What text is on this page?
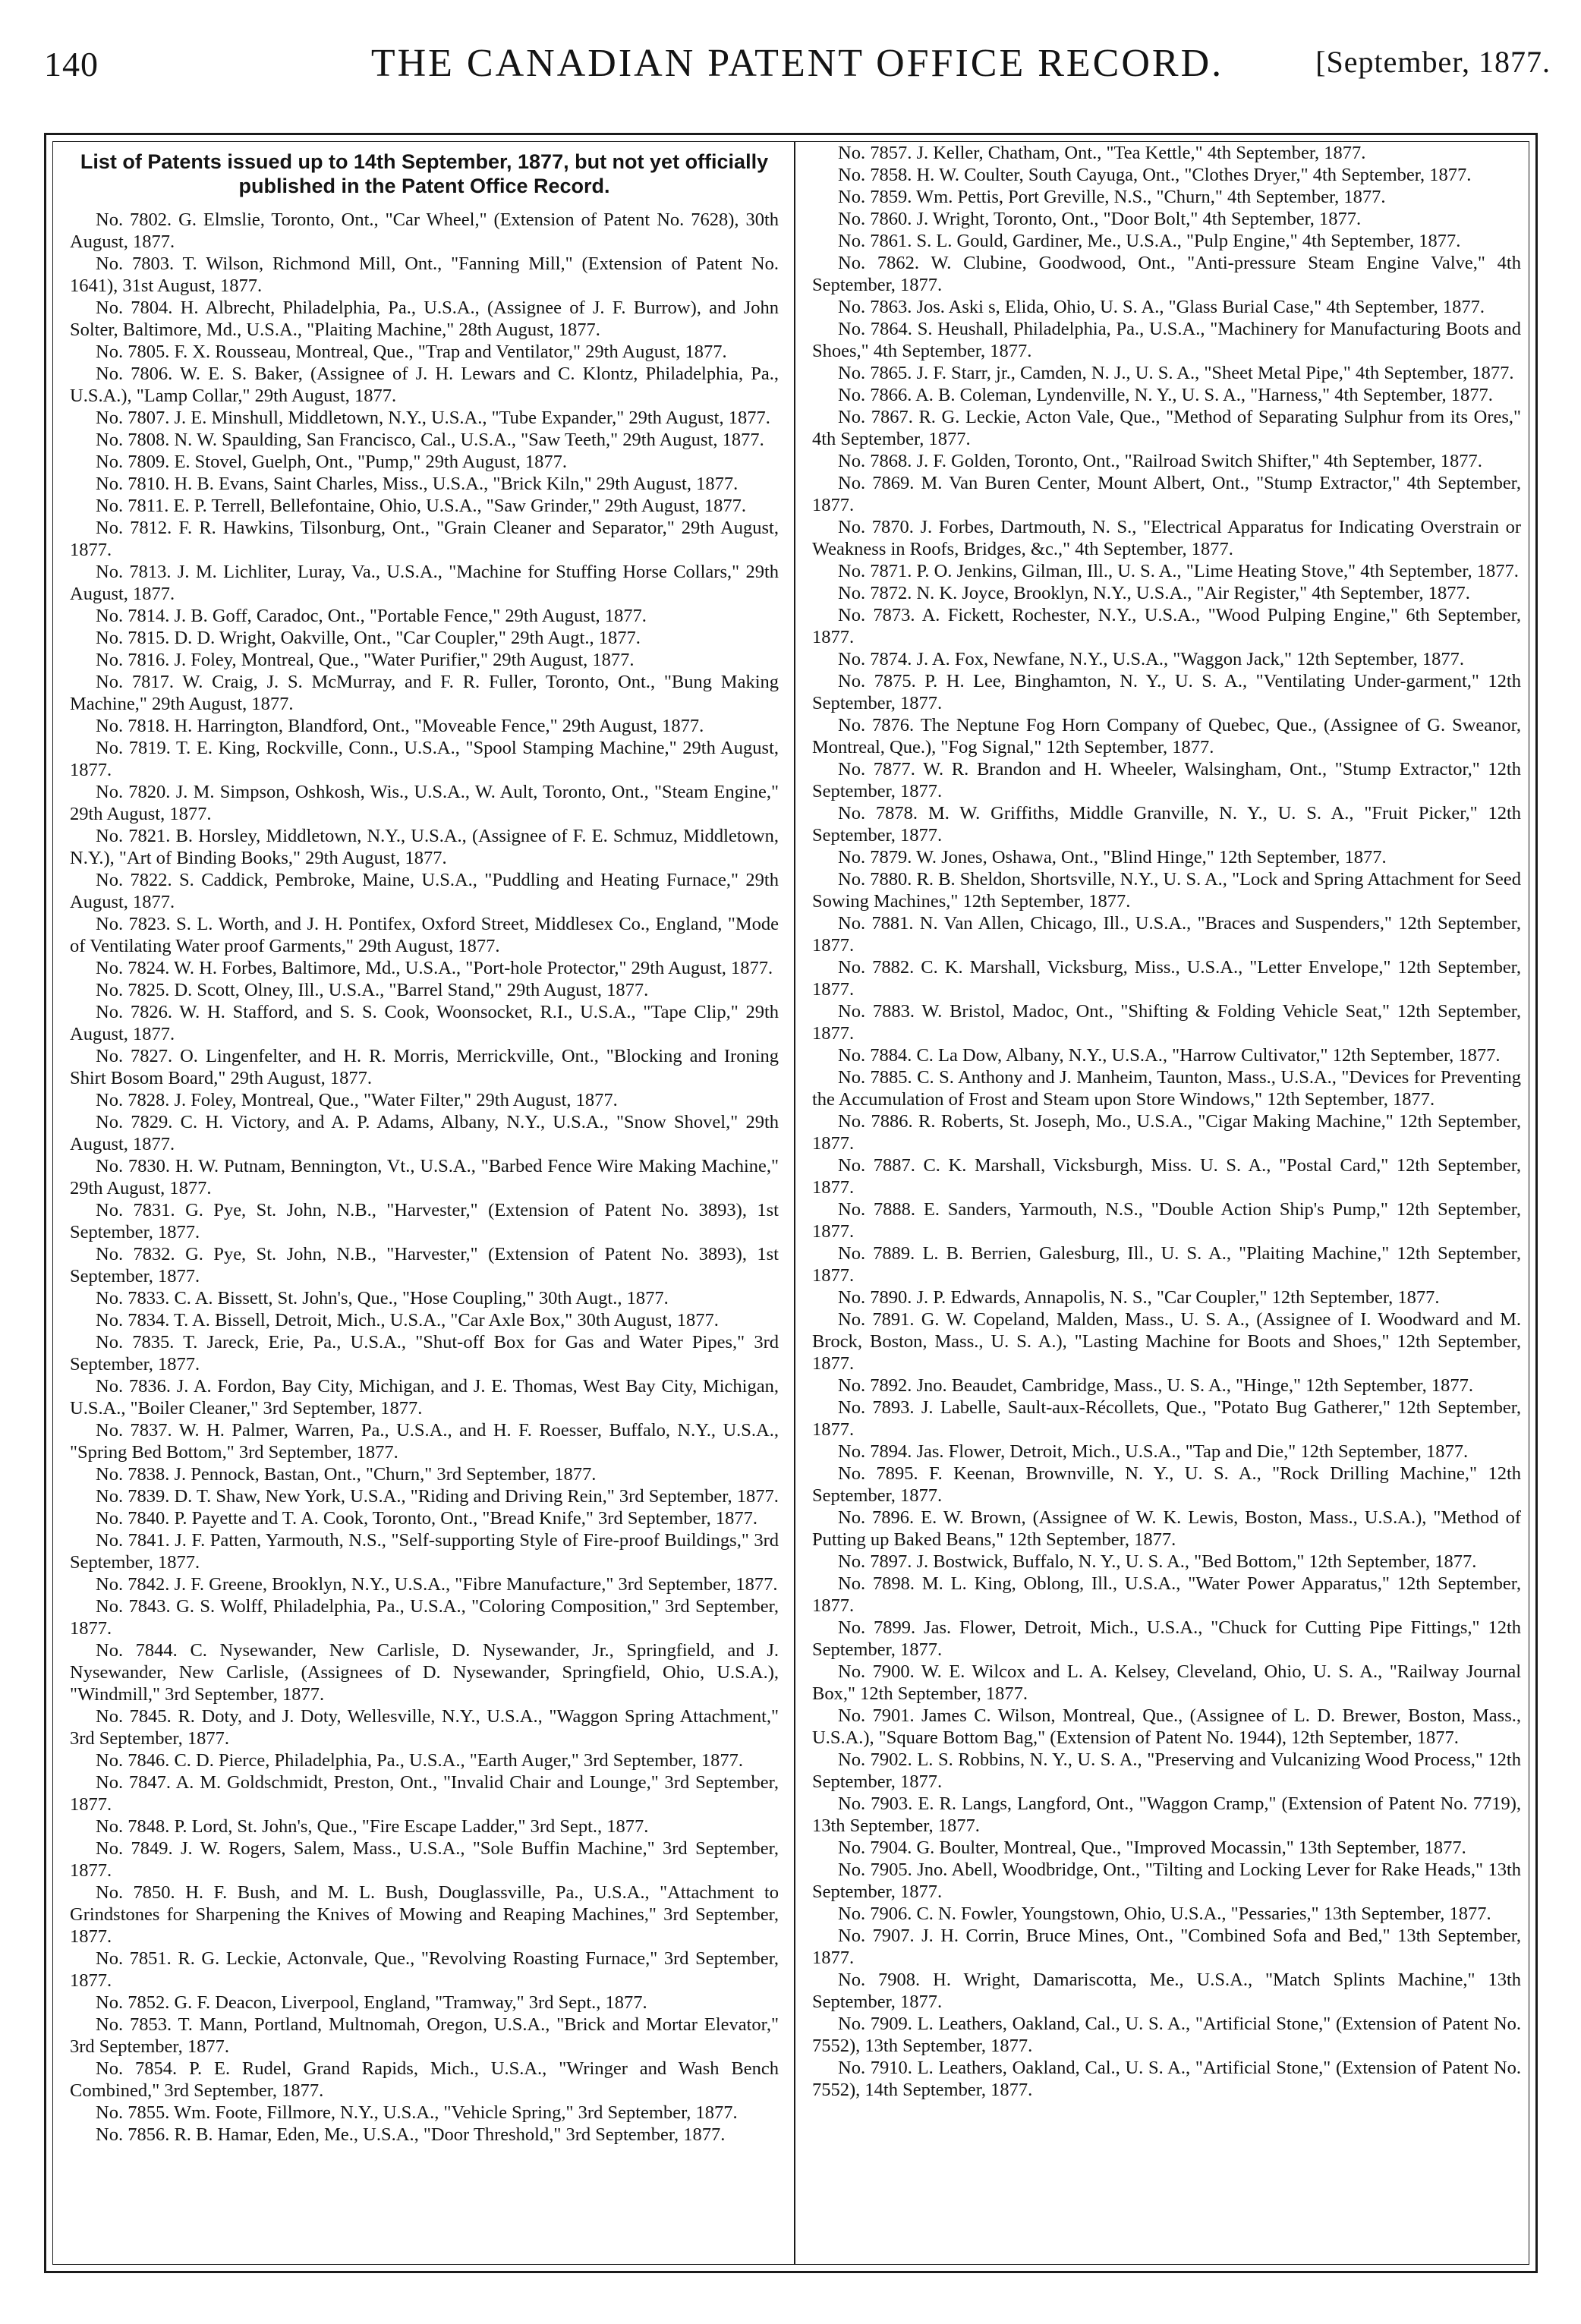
140	THE CANADIAN PATENT OFFICE RECORD.	[September, 1877.
List of Patents issued up to 14th September, 1877, but not yet officially published in the Patent Office Record.

No. 7802. G. Elmslie, Toronto, Ont., "Car Wheel," (Extension of Patent No. 7628), 30th August, 1877.

No. 7803. T. Wilson, Richmond Mill, Ont., "Fanning Mill," (Extension of Patent No. 1641), 31st August, 1877.

No. 7804. H. Albrecht, Philadelphia, Pa., U.S.A., (Assignee of J. F. Burrow), and John Solter, Baltimore, Md., U.S.A., "Plaiting Machine," 28th August, 1877.

No. 7805. F. X. Rousseau, Montreal, Que., "Trap and Ventilator," 29th August, 1877.

No. 7806. W. E. S. Baker, (Assignee of J. H. Lewars and C. Klontz, Philadelphia, Pa., U.S.A.), "Lamp Collar," 29th August, 1877.

No. 7807. J. E. Minshull, Middletown, N.Y., U.S.A., "Tube Expander," 29th August, 1877.

No. 7808. N. W. Spaulding, San Francisco, Cal., U.S.A., "Saw Teeth," 29th August, 1877.

No. 7809. E. Stovel, Guelph, Ont., "Pump," 29th August, 1877.

No. 7810. H. B. Evans, Saint Charles, Miss., U.S.A., "Brick Kiln," 29th August, 1877.

No. 7811. E. P. Terrell, Bellefontaine, Ohio, U.S.A., "Saw Grinder," 29th August, 1877.

No. 7812. F. R. Hawkins, Tilsonburg, Ont., "Grain Cleaner and Separator," 29th August, 1877.

No. 7813. J. M. Lichliter, Luray, Va., U.S.A., "Machine for Stuffing Horse Collars," 29th August, 1877.

No. 7814. J. B. Goff, Caradoc, Ont., "Portable Fence," 29th August, 1877.

No. 7815. D. D. Wright, Oakville, Ont., "Car Coupler," 29th Augt., 1877.

No. 7816. J. Foley, Montreal, Que., "Water Purifier," 29th August, 1877.

No. 7817. W. Craig, J. S. McMurray, and F. R. Fuller, Toronto, Ont., "Bung Making Machine," 29th August, 1877.

No. 7818. H. Harrington, Blandford, Ont., "Moveable Fence," 29th August, 1877.

No. 7819. T. E. King, Rockville, Conn., U.S.A., "Spool Stamping Machine," 29th August, 1877.

No. 7820. J. M. Simpson, Oshkosh, Wis., U.S.A., W. Ault, Toronto, Ont., "Steam Engine," 29th August, 1877.

No. 7821. B. Horsley, Middletown, N.Y., U.S.A., (Assignee of F. E. Schmuz, Middletown, N.Y.), "Art of Binding Books," 29th August, 1877.

No. 7822. S. Caddick, Pembroke, Maine, U.S.A., "Puddling and Heating Furnace," 29th August, 1877.

No. 7823. S. L. Worth, and J. H. Pontifex, Oxford Street, Middlesex Co., England, "Mode of Ventilating Water proof Garments," 29th August, 1877.

No. 7824. W. H. Forbes, Baltimore, Md., U.S.A., "Port-hole Protector," 29th August, 1877.

No. 7825. D. Scott, Olney, Ill., U.S.A., "Barrel Stand," 29th August, 1877.

No. 7826. W. H. Stafford, and S. S. Cook, Woonsocket, R.I., U.S.A., "Tape Clip," 29th August, 1877.

No. 7827. O. Lingenfelter, and H. R. Morris, Merrickville, Ont., "Blocking and Ironing Shirt Bosom Board," 29th August, 1877.

No. 7828. J. Foley, Montreal, Que., "Water Filter," 29th August, 1877.

No. 7829. C. H. Victory, and A. P. Adams, Albany, N.Y., U.S.A., "Snow Shovel," 29th August, 1877.

No. 7830. H. W. Putnam, Bennington, Vt., U.S.A., "Barbed Fence Wire Making Machine," 29th August, 1877.

No. 7831. G. Pye, St. John, N.B., "Harvester," (Extension of Patent No. 3893), 1st September, 1877.

No. 7832. G. Pye, St. John, N.B., "Harvester," (Extension of Patent No. 3893), 1st September, 1877.

No. 7833. C. A. Bissett, St. John's, Que., "Hose Coupling," 30th Augt., 1877.

No. 7834. T. A. Bissell, Detroit, Mich., U.S.A., "Car Axle Box," 30th August, 1877.

No. 7835. T. Jareck, Erie, Pa., U.S.A., "Shut-off Box for Gas and Water Pipes," 3rd September, 1877.

No. 7836. J. A. Fordon, Bay City, Michigan, and J. E. Thomas, West Bay City, Michigan, U.S.A., "Boiler Cleaner," 3rd September, 1877.

No. 7837. W. H. Palmer, Warren, Pa., U.S.A., and H. F. Roesser, Buffalo, N.Y., U.S.A., "Spring Bed Bottom," 3rd September, 1877.

No. 7838. J. Pennock, Bastan, Ont., "Churn," 3rd September, 1877.

No. 7839. D. T. Shaw, New York, U.S.A., "Riding and Driving Rein," 3rd September, 1877.

No. 7840. P. Payette and T. A. Cook, Toronto, Ont., "Bread Knife," 3rd September, 1877.

No. 7841. J. F. Patten, Yarmouth, N.S., "Self-supporting Style of Fire-proof Buildings," 3rd September, 1877.

No. 7842. J. F. Greene, Brooklyn, N.Y., U.S.A., "Fibre Manufacture," 3rd September, 1877.

No. 7843. G. S. Wolff, Philadelphia, Pa., U.S.A., "Coloring Composition," 3rd September, 1877.

No. 7844. C. Nysewander, New Carlisle, D. Nysewander, Jr., Springfield, and J. Nysewander, New Carlisle, (Assignees of D. Nysewander, Springfield, Ohio, U.S.A.), "Windmill," 3rd September, 1877.

No. 7845. R. Doty, and J. Doty, Wellesville, N.Y., U.S.A., "Waggon Spring Attachment," 3rd September, 1877.

No. 7846. C. D. Pierce, Philadelphia, Pa., U.S.A., "Earth Auger," 3rd September, 1877.

No. 7847. A. M. Goldschmidt, Preston, Ont., "Invalid Chair and Lounge," 3rd September, 1877.

No. 7848. P. Lord, St. John's, Que., "Fire Escape Ladder," 3rd Sept., 1877.

No. 7849. J. W. Rogers, Salem, Mass., U.S.A., "Sole Buffin Machine," 3rd September, 1877.

No. 7850. H. F. Bush, and M. L. Bush, Douglassville, Pa., U.S.A., "Attachment to Grindstones for Sharpening the Knives of Mowing and Reaping Machines," 3rd September, 1877.

No. 7851. R. G. Leckie, Actonvale, Que., "Revolving Roasting Furnace," 3rd September, 1877.

No. 7852. G. F. Deacon, Liverpool, England, "Tramway," 3rd Sept., 1877.

No. 7853. T. Mann, Portland, Multnomah, Oregon, U.S.A., "Brick and Mortar Elevator," 3rd September, 1877.

No. 7854. P. E. Rudel, Grand Rapids, Mich., U.S.A., "Wringer and Wash Bench Combined," 3rd September, 1877.

No. 7855. Wm. Foote, Fillmore, N.Y., U.S.A., "Vehicle Spring," 3rd September, 1877.

No. 7856. R. B. Hamar, Eden, Me., U.S.A., "Door Threshold," 3rd September, 1877.

No. 7857. J. Keller, Chatham, Ont., "Tea Kettle," 4th September, 1877.

No. 7858. H. W. Coulter, South Cayuga, Ont., "Clothes Dryer," 4th September, 1877.

No. 7859. Wm. Pettis, Port Greville, N.S., "Churn," 4th September, 1877.

No. 7860. J. Wright, Toronto, Ont., "Door Bolt," 4th September, 1877.

No. 7861. S. L. Gould, Gardiner, Me., U.S.A., "Pulp Engine," 4th September, 1877.

No. 7862. W. Clubine, Goodwood, Ont., "Anti-pressure Steam Engine Valve," 4th September, 1877.

No. 7863. Jos. Aski s, Elida, Ohio, U. S. A., "Glass Burial Case," 4th September, 1877.

No. 7864. S. Heushall, Philadelphia, Pa., U.S.A., "Machinery for Manufacturing Boots and Shoes," 4th September, 1877.

No. 7865. J. F. Starr, jr., Camden, N. J., U. S. A., "Sheet Metal Pipe," 4th September, 1877.

No. 7866. A. B. Coleman, Lyndenville, N. Y., U. S. A., "Harness," 4th September, 1877.

No. 7867. R. G. Leckie, Acton Vale, Que., "Method of Separating Sulphur from its Ores," 4th September, 1877.

No. 7868. J. F. Golden, Toronto, Ont., "Railroad Switch Shifter," 4th September, 1877.

No. 7869. M. Van Buren Center, Mount Albert, Ont., "Stump Extractor," 4th September, 1877.

No. 7870. J. Forbes, Dartmouth, N. S., "Electrical Apparatus for Indicating Overstrain or Weakness in Roofs, Bridges, &c.," 4th September, 1877.

No. 7871. P. O. Jenkins, Gilman, Ill., U. S. A., "Lime Heating Stove," 4th September, 1877.

No. 7872. N. K. Joyce, Brooklyn, N.Y., U.S.A., "Air Register," 4th September, 1877.

No. 7873. A. Fickett, Rochester, N.Y., U.S.A., "Wood Pulping Engine," 6th September, 1877.

No. 7874. J. A. Fox, Newfane, N.Y., U.S.A., "Waggon Jack," 12th September, 1877.

No. 7875. P. H. Lee, Binghamton, N. Y., U. S. A., "Ventilating Under-garment," 12th September, 1877.

No. 7876. The Neptune Fog Horn Company of Quebec, Que., (Assignee of G. Sweanor, Montreal, Que.), "Fog Signal," 12th September, 1877.

No. 7877. W. R. Brandon and H. Wheeler, Walsingham, Ont., "Stump Extractor," 12th September, 1877.

No. 7878. M. W. Griffiths, Middle Granville, N. Y., U. S. A., "Fruit Picker," 12th September, 1877.

No. 7879. W. Jones, Oshawa, Ont., "Blind Hinge," 12th September, 1877.

No. 7880. R. B. Sheldon, Shortsville, N.Y., U. S. A., "Lock and Spring Attachment for Seed Sowing Machines," 12th September, 1877.

No. 7881. N. Van Allen, Chicago, Ill., U.S.A., "Braces and Suspenders," 12th September, 1877.

No. 7882. C. K. Marshall, Vicksburg, Miss., U.S.A., "Letter Envelope," 12th September, 1877.

No. 7883. W. Bristol, Madoc, Ont., "Shifting & Folding Vehicle Seat," 12th September, 1877.

No. 7884. C. La Dow, Albany, N.Y., U.S.A., "Harrow Cultivator," 12th September, 1877.

No. 7885. C. S. Anthony and J. Manheim, Taunton, Mass., U.S.A., "Devices for Preventing the Accumulation of Frost and Steam upon Store Windows," 12th September, 1877.

No. 7886. R. Roberts, St. Joseph, Mo., U.S.A., "Cigar Making Machine," 12th September, 1877.

No. 7887. C. K. Marshall, Vicksburgh, Miss. U. S. A., "Postal Card," 12th September, 1877.

No. 7888. E. Sanders, Yarmouth, N.S., "Double Action Ship's Pump," 12th September, 1877.

No. 7889. L. B. Berrien, Galesburg, Ill., U. S. A., "Plaiting Machine," 12th September, 1877.

No. 7890. J. P. Edwards, Annapolis, N. S., "Car Coupler," 12th September, 1877.

No. 7891. G. W. Copeland, Malden, Mass., U. S. A., (Assignee of I. Woodward and M. Brock, Boston, Mass., U. S. A.), "Lasting Machine for Boots and Shoes," 12th September, 1877.

No. 7892. Jno. Beaudet, Cambridge, Mass., U. S. A., "Hinge," 12th September, 1877.

No. 7893. J. Labelle, Sault-aux-Récollets, Que., "Potato Bug Gatherer," 12th September, 1877.

No. 7894. Jas. Flower, Detroit, Mich., U.S.A., "Tap and Die," 12th September, 1877.

No. 7895. F. Keenan, Brownville, N. Y., U. S. A., "Rock Drilling Machine," 12th September, 1877.

No. 7896. E. W. Brown, (Assignee of W. K. Lewis, Boston, Mass., U.S.A.), "Method of Putting up Baked Beans," 12th September, 1877.

No. 7897. J. Bostwick, Buffalo, N. Y., U. S. A., "Bed Bottom," 12th September, 1877.

No. 7898. M. L. King, Oblong, Ill., U.S.A., "Water Power Apparatus," 12th September, 1877.

No. 7899. Jas. Flower, Detroit, Mich., U.S.A., "Chuck for Cutting Pipe Fittings," 12th September, 1877.

No. 7900. W. E. Wilcox and L. A. Kelsey, Cleveland, Ohio, U. S. A., "Railway Journal Box," 12th September, 1877.

No. 7901. James C. Wilson, Montreal, Que., (Assignee of L. D. Brewer, Boston, Mass., U.S.A.), "Square Bottom Bag," (Extension of Patent No. 1944), 12th September, 1877.

No. 7902. L. S. Robbins, N. Y., U. S. A., "Preserving and Vulcanizing Wood Process," 12th September, 1877.

No. 7903. E. R. Langs, Langford, Ont., "Waggon Cramp," (Extension of Patent No. 7719), 13th September, 1877.

No. 7904. G. Boulter, Montreal, Que., "Improved Mocassin," 13th September, 1877.

No. 7905. Jno. Abell, Woodbridge, Ont., "Tilting and Locking Lever for Rake Heads," 13th September, 1877.

No. 7906. C. N. Fowler, Youngstown, Ohio, U.S.A., "Pessaries," 13th September, 1877.

No. 7907. J. H. Corrin, Bruce Mines, Ont., "Combined Sofa and Bed," 13th September, 1877.

No. 7908. H. Wright, Damariscotta, Me., U.S.A., "Match Splints Machine," 13th September, 1877.

No. 7909. L. Leathers, Oakland, Cal., U. S. A., "Artificial Stone," (Extension of Patent No. 7552), 13th September, 1877.

No. 7910. L. Leathers, Oakland, Cal., U. S. A., "Artificial Stone," (Extension of Patent No. 7552), 14th September, 1877.
